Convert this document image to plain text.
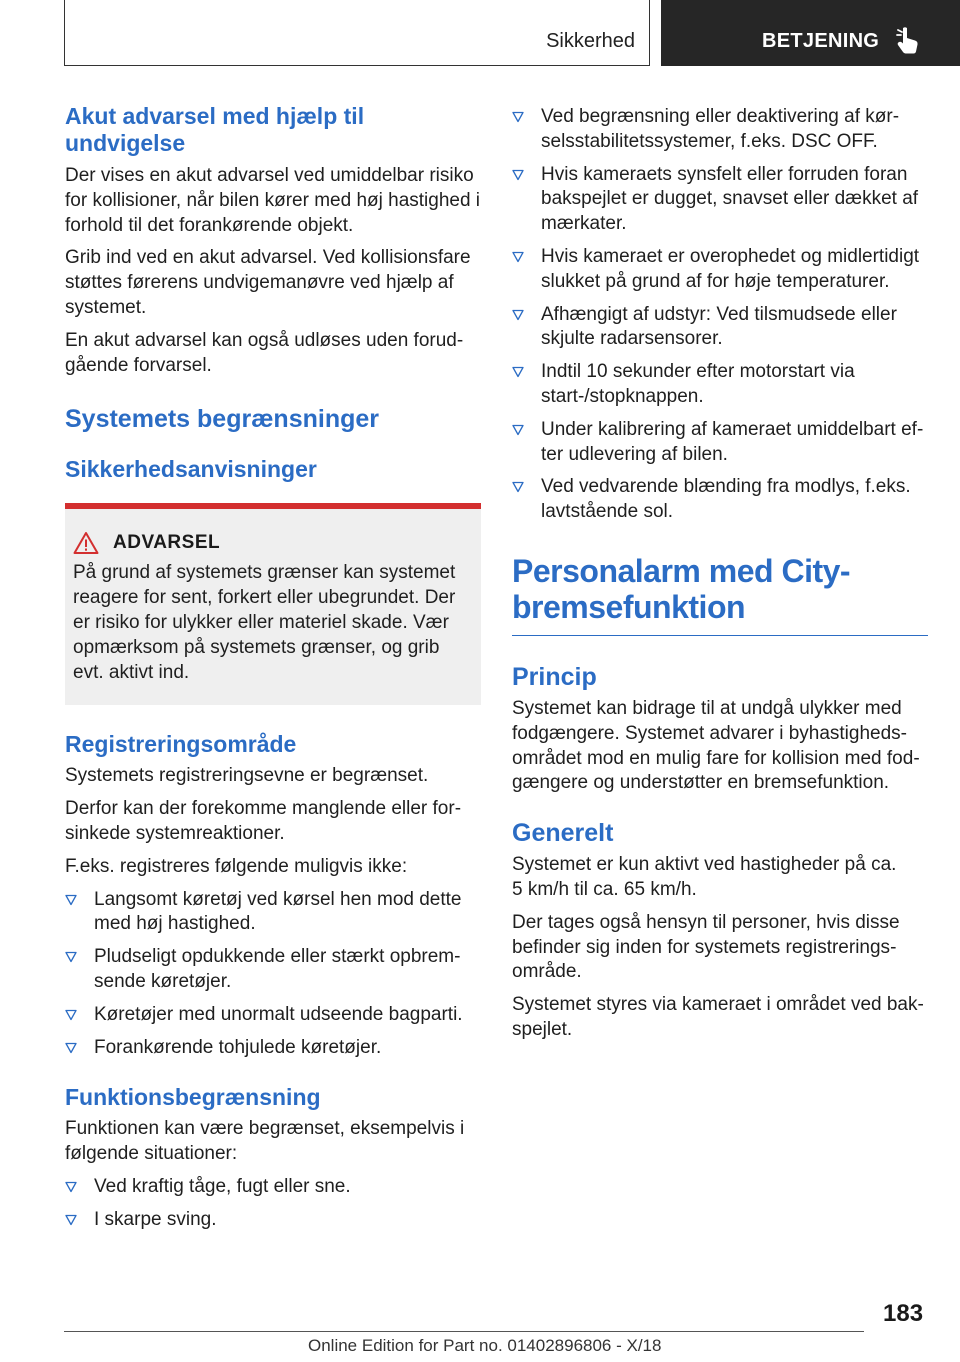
Sikkerhed	BETJENING
Akut advarsel med hjælp til undvigelse

Der vises en akut advarsel ved umiddelbar risiko for kollisioner, når bilen kører med høj hastighed i forhold til det forankørende objekt.

Grib ind ved en akut advarsel. Ved kollisionsfare støttes førerens undvigemanøvre ved hjælp af systemet.

En akut advarsel kan også udløses uden forudgående forvarsel.

Systemets begrænsninger
Sikkerhedsanvisninger
ADVARSEL

På grund af systemets grænser kan systemet reagere for sent, forkert eller ubegrundet. Der er risiko for ulykker eller materiel skade. Vær opmærksom på systemets grænser, og grib evt. aktivt ind.

Registreringsområde

Systemets registreringsevne er begrænset.

Derfor kan der forekomme manglende eller forsinkede systemreaktioner.

F.eks. registreres følgende muligvis ikke:

Langsomt køretøj ved kørsel hen mod dette med høj hastighed.
Pludseligt opdukkende eller stærkt opbremsende køretøjer.
Køretøjer med unormalt udseende bagparti.
Forankørende tohjulede køretøjer.
Funktionsbegrænsning

Funktionen kan være begrænset, eksempelvis i følgende situationer:

Ved kraftig tåge, fugt eller sne.
I skarpe sving.
Ved begrænsning eller deaktivering af kørselsstabilitetssystemer, f.eks. DSC OFF.
Hvis kameraets synsfelt eller forruden foran bakspejlet er dugget, snavset eller dækket af mærkater.
Hvis kameraet er overophedet og midlertidigt slukket på grund af for høje temperaturer.
Afhængigt af udstyr: Ved tilsmudsede eller skjulte radarsensorer.
Indtil 10 sekunder efter motorstart via start-/stopknappen.
Under kalibrering af kameraet umiddelbart efter udlevering af bilen.
Ved vedvarende blænding fra modlys, f.eks. lavtstående sol.
Personalarm med City-bremsefunktion
Princip

Systemet kan bidrage til at undgå ulykker med fodgængere. Systemet advarer i byhastighedsområdet mod en mulig fare for kollision med fodgængere og understøtter en bremsefunktion.

Generelt

Systemet er kun aktivt ved hastigheder på ca.
5 km/h til ca. 65 km/h.

Der tages også hensyn til personer, hvis disse befinder sig inden for systemets registreringsområde.

Systemet styres via kameraet i området ved bakspejlet.

183
Online Edition for Part no. 01402896806 - X/18
